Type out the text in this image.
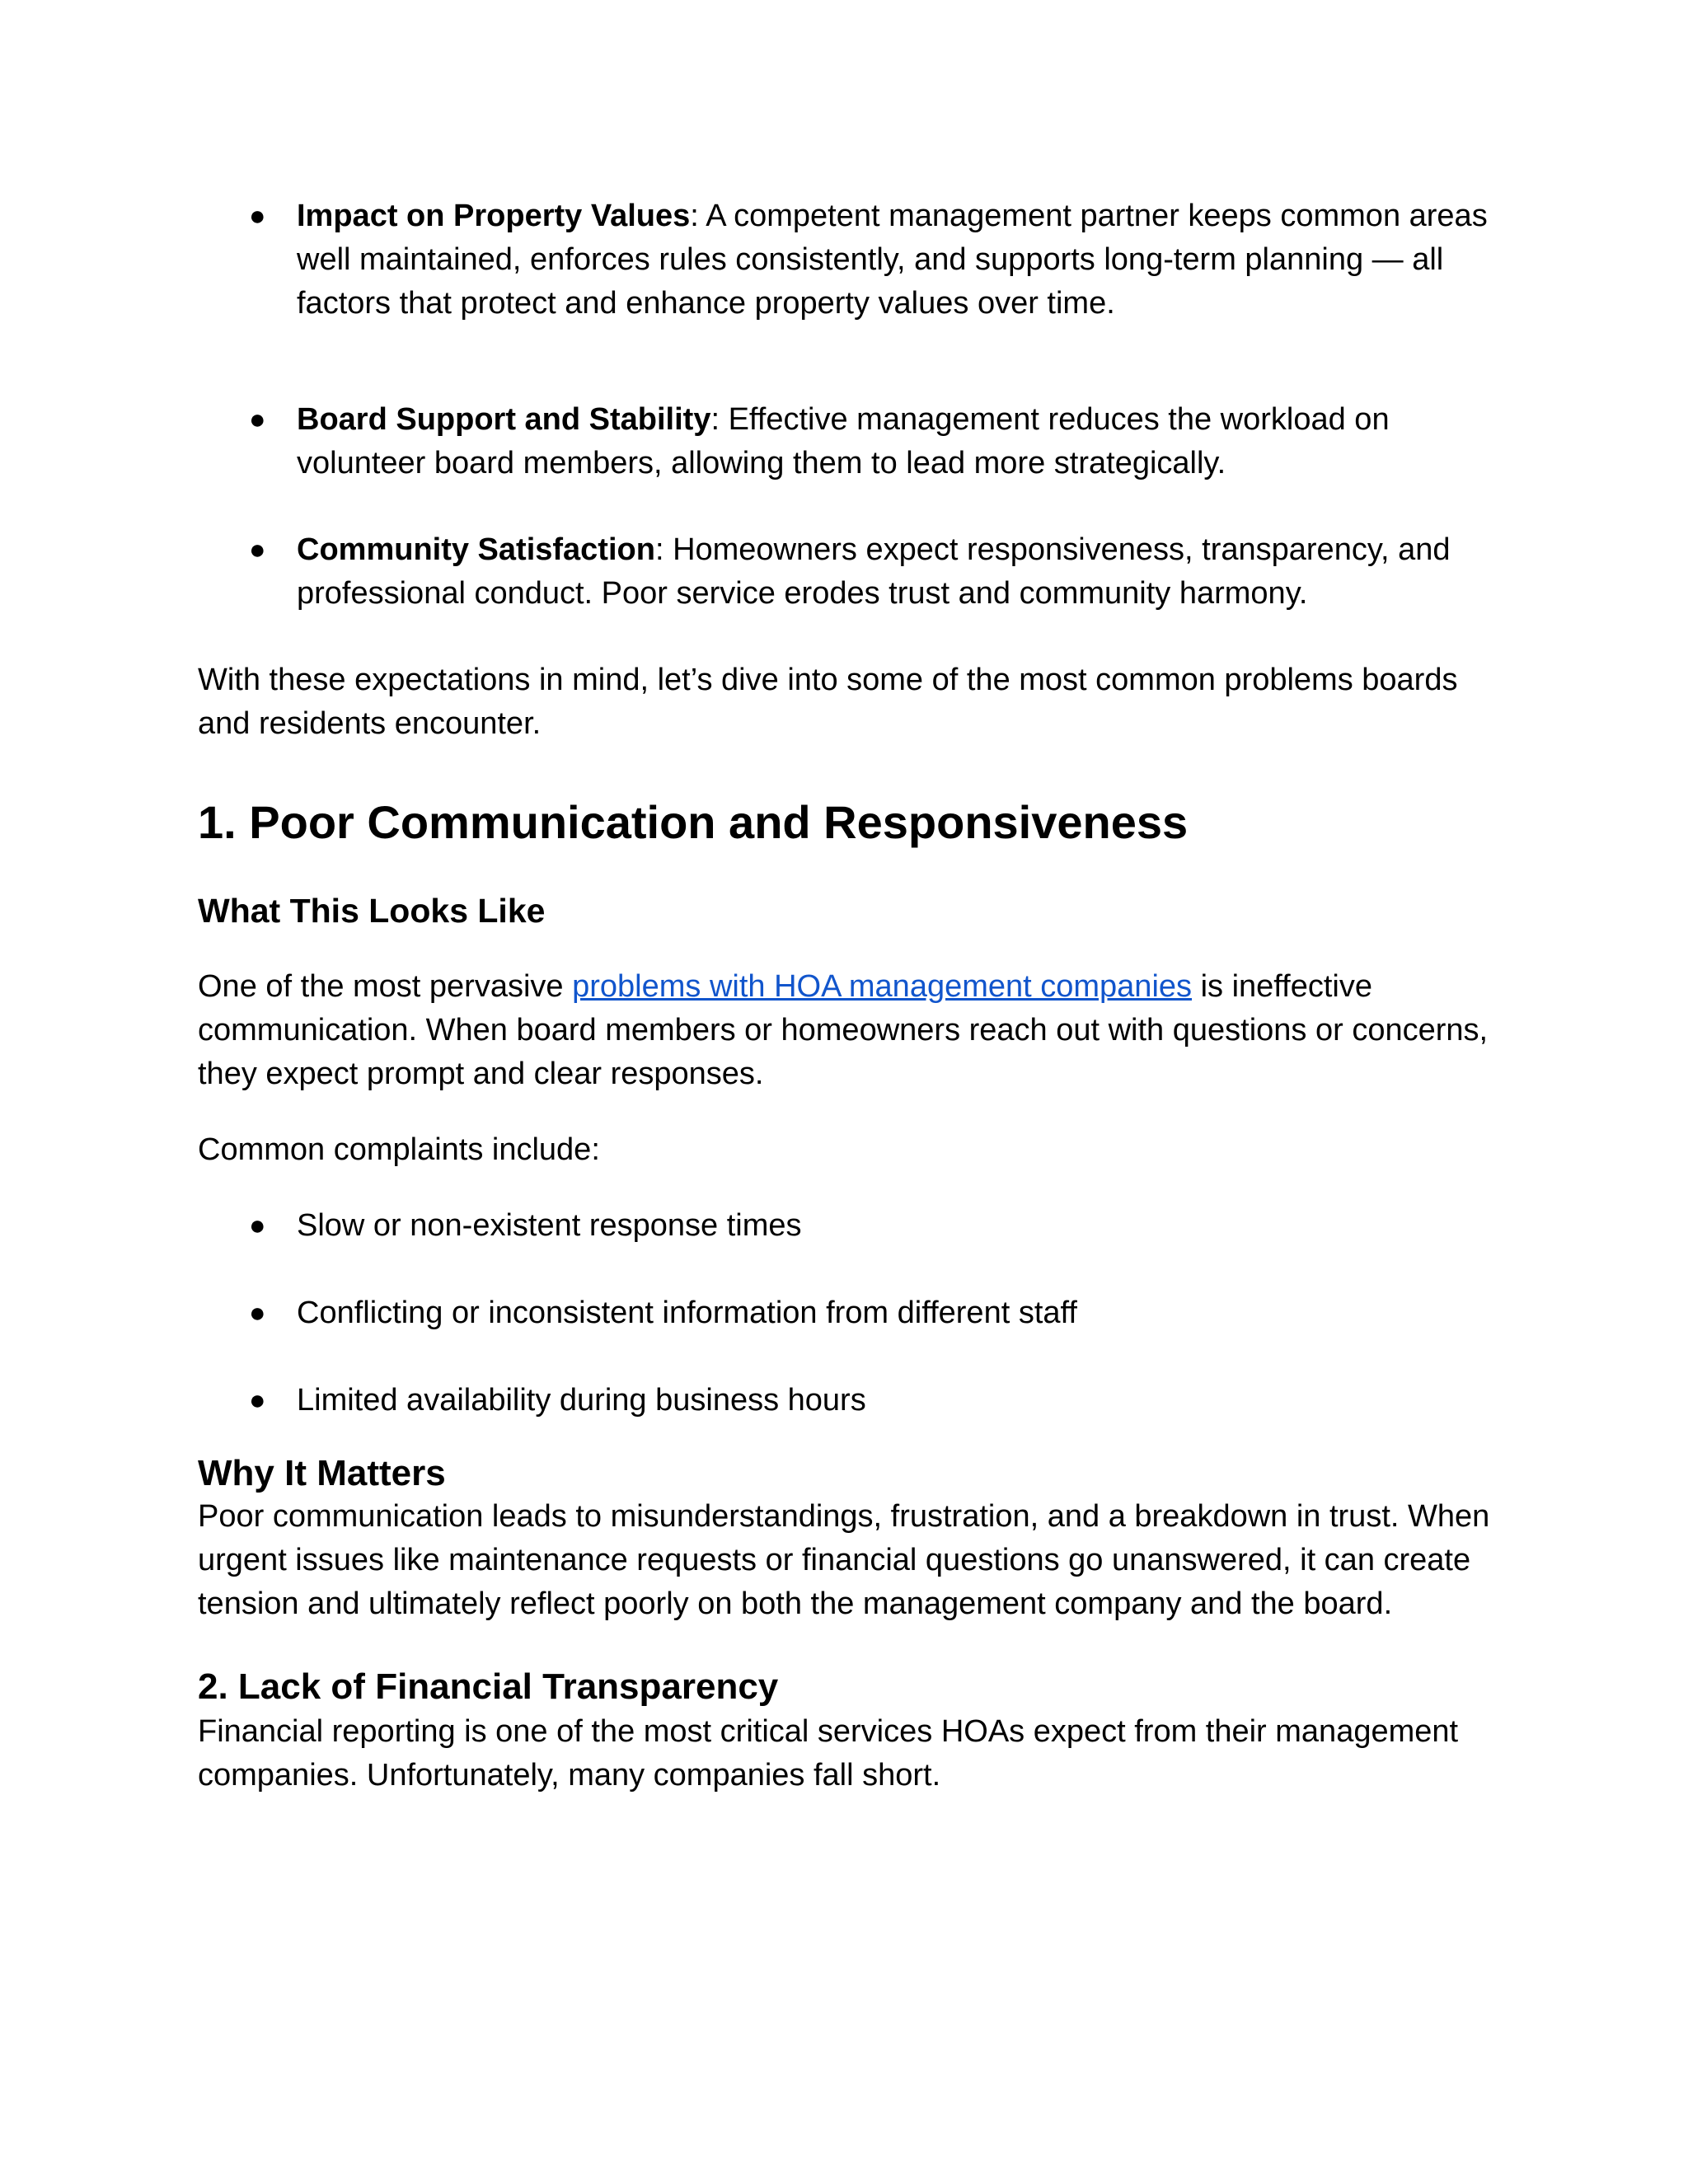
● Impact on Property Values: A competent management partner keeps common areas well maintained, enforces rules consistently, and supports long-term planning — all factors that protect and enhance property values over time.
● Board Support and Stability: Effective management reduces the workload on volunteer board members, allowing them to lead more strategically.
● Community Satisfaction: Homeowners expect responsiveness, transparency, and professional conduct. Poor service erodes trust and community harmony.

With these expectations in mind, let’s dive into some of the most common problems boards and residents encounter.

1. Poor Communication and Responsiveness
What This Looks Like

One of the most pervasive problems with HOA management companies is ineffective communication. When board members or homeowners reach out with questions or concerns, they expect prompt and clear responses.

Common complaints include:

● Slow or non-existent response times
● Conflicting or inconsistent information from different staff
● Limited availability during business hours
Why It Matters

Poor communication leads to misunderstandings, frustration, and a breakdown in trust. When urgent issues like maintenance requests or financial questions go unanswered, it can create tension and ultimately reflect poorly on both the management company and the board.

2. Lack of Financial Transparency

Financial reporting is one of the most critical services HOAs expect from their management companies. Unfortunately, many companies fall short.
